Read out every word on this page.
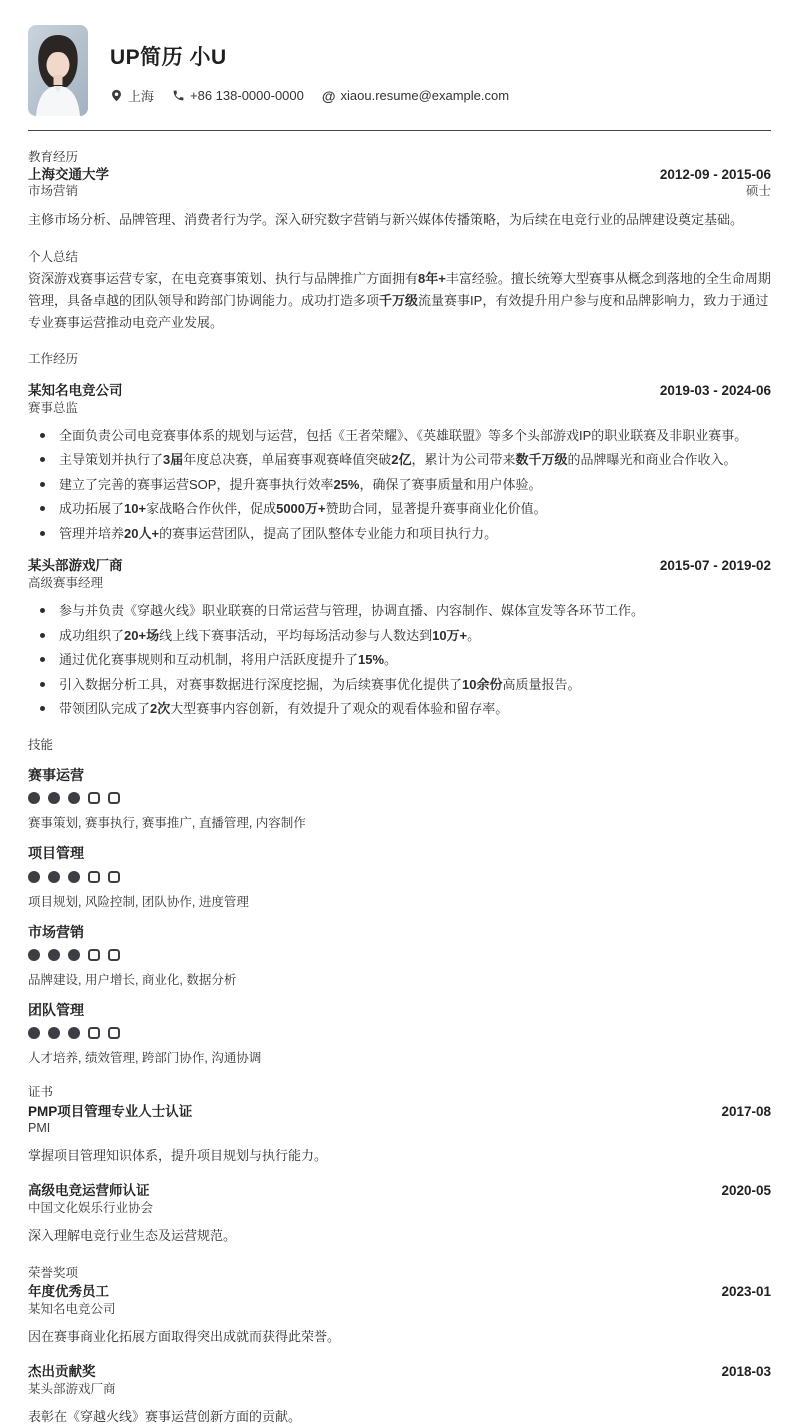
UP简历 小U
上海	+86 138-0000-0000 @ xiaou.resume@example.com
教育经历
上海交通大学	2012-09 - 2015-06
市场营销	硕士

主修市场分析、品牌管理、消费者行为学。深入研究数字营销与新兴媒体传播策略，为后续在电竞行业的品牌建设奠定基础。

个人总结

资深游戏赛事运营专家，在电竞赛事策划、执行与品牌推广方面拥有8年+丰富经验。擅长统筹大型赛事从概念到落地的全生命周期管理，具备卓越的团队领导和跨部门协调能力。成功打造多项千万级流量赛事IP，有效提升用户参与度和品牌影响力，致力于通过专业赛事运营推动电竞产业发展。

工作经历
某知名电竞公司	2019-03 - 2024-06
赛事总监
全面负责公司电竞赛事体系的规划与运营，包括《王者荣耀》、《英雄联盟》等多个头部游戏IP的职业联赛及非职业赛事。
主导策划并执行了3届年度总决赛，单届赛事观赛峰值突破2亿，累计为公司带来数千万级的品牌曝光和商业合作收入。
建立了完善的赛事运营SOP，提升赛事执行效率25%，确保了赛事质量和用户体验。
成功拓展了10+家战略合作伙伴，促成5000万+赞助合同，显著提升赛事商业化价值。
管理并培养20人+的赛事运营团队，提高了团队整体专业能力和项目执行力。
某头部游戏厂商	2015-07 - 2019-02
高级赛事经理
参与并负责《穿越火线》职业联赛的日常运营与管理，协调直播、内容制作、媒体宣发等各环节工作。
成功组织了20+场线上线下赛事活动，平均每场活动参与人数达到10万+。
通过优化赛事规则和互动机制，将用户活跃度提升了15%。
引入数据分析工具，对赛事数据进行深度挖掘，为后续赛事优化提供了10余份高质量报告。
带领团队完成了2次大型赛事内容创新，有效提升了观众的观看体验和留存率。
技能
赛事运营
赛事策划, 赛事执行, 赛事推广, 直播管理, 内容制作
项目管理
项目规划, 风险控制, 团队协作, 进度管理
市场营销
品牌建设, 用户增长, 商业化, 数据分析
团队管理
人才培养, 绩效管理, 跨部门协作, 沟通协调
证书
PMP项目管理专业人士认证	2017-08
PMI

掌握项目管理知识体系，提升项目规划与执行能力。

高级电竞运营师认证	2020-05
中国文化娱乐行业协会

深入理解电竞行业生态及运营规范。

荣誉奖项
年度优秀员工	2023-01
某知名电竞公司

因在赛事商业化拓展方面取得突出成就而获得此荣誉。

杰出贡献奖	2018-03
某头部游戏厂商

表彰在《穿越火线》赛事运营创新方面的贡献。
